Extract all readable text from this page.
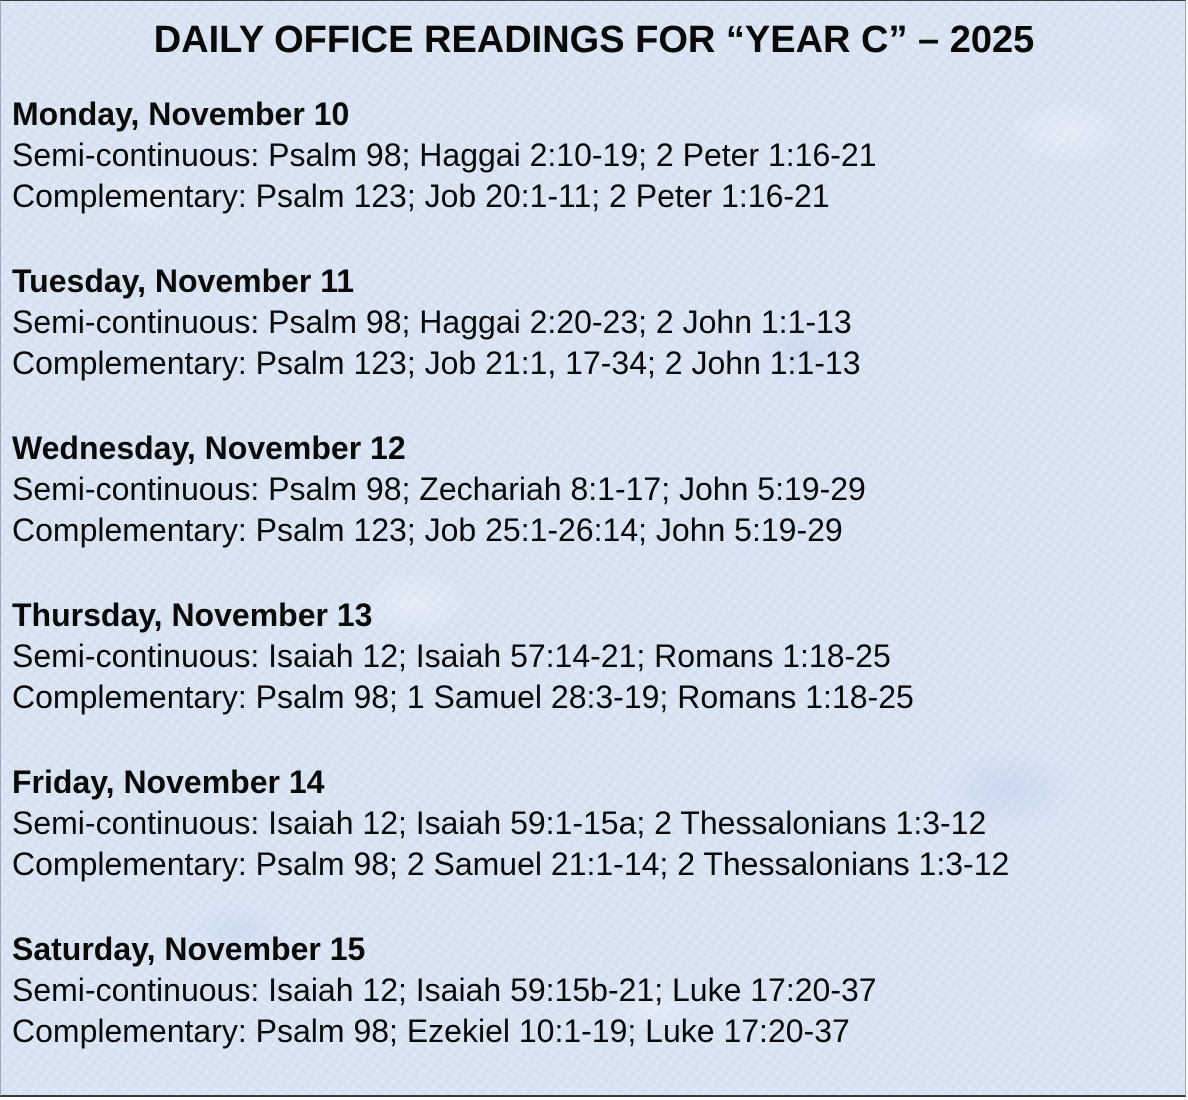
DAILY OFFICE READINGS FOR “YEAR C” – 2025
Monday, November 10
Semi-continuous: Psalm 98; Haggai 2:10-19; 2 Peter 1:16-21
Complementary: Psalm 123; Job 20:1-11; 2 Peter 1:16-21
Tuesday, November 11
Semi-continuous: Psalm 98; Haggai 2:20-23; 2 John 1:1-13
Complementary: Psalm 123; Job 21:1, 17-34; 2 John 1:1-13
Wednesday, November 12
Semi-continuous: Psalm 98; Zechariah 8:1-17; John 5:19-29
Complementary: Psalm 123; Job 25:1-26:14; John 5:19-29
Thursday, November 13
Semi-continuous: Isaiah 12; Isaiah 57:14-21; Romans 1:18-25
Complementary: Psalm 98; 1 Samuel 28:3-19; Romans 1:18-25
Friday, November 14
Semi-continuous: Isaiah 12; Isaiah 59:1-15a; 2 Thessalonians 1:3-12
Complementary: Psalm 98; 2 Samuel 21:1-14; 2 Thessalonians 1:3-12
Saturday, November 15
Semi-continuous: Isaiah 12; Isaiah 59:15b-21; Luke 17:20-37
Complementary: Psalm 98; Ezekiel 10:1-19; Luke 17:20-37
